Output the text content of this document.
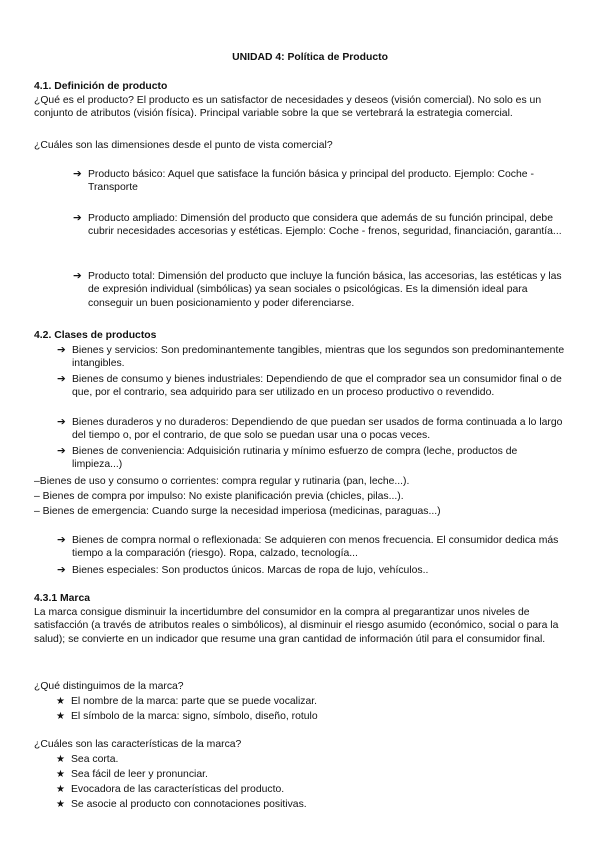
UNIDAD 4: Política de Producto
4.1. Definición de producto
¿Qué es el producto? El producto es un satisfactor de necesidades y deseos (visión comercial). No solo es un conjunto de atributos (visión física). Principal variable sobre la que se vertebrará la estrategia comercial.
¿Cuáles son las dimensiones desde el punto de vista comercial?
➔ Producto básico: Aquel que satisface la función básica y principal del producto. Ejemplo: Coche - Transporte
➔ Producto ampliado: Dimensión del producto que considera que además de su función principal, debe cubrir necesidades accesorias y estéticas. Ejemplo: Coche - frenos, seguridad, financiación, garantía...
➔ Producto total: Dimensión del producto que incluye la función básica, las accesorias, las estéticas y las de expresión individual (simbólicas) ya sean sociales o psicológicas. Es la dimensión ideal para conseguir un buen posicionamiento y poder diferenciarse.
4.2. Clases de productos
➔ Bienes y servicios: Son predominantemente tangibles, mientras que los segundos son predominantemente intangibles.
➔ Bienes de consumo y bienes industriales: Dependiendo de que el comprador sea un consumidor final o de que, por el contrario, sea adquirido para ser utilizado en un proceso productivo o revendido.
➔ Bienes duraderos y no duraderos: Dependiendo de que puedan ser usados de forma continuada a lo largo del tiempo o, por el contrario, de que solo se puedan usar una o pocas veces.
➔ Bienes de conveniencia: Adquisición rutinaria y mínimo esfuerzo de compra (leche, productos de limpieza...)
–Bienes de uso y consumo o corrientes: compra regular y rutinaria (pan, leche...).
– Bienes de compra por impulso: No existe planificación previa (chicles, pilas...).
– Bienes de emergencia: Cuando surge la necesidad imperiosa (medicinas, paraguas...)
➔ Bienes de compra normal o reflexionada: Se adquieren con menos frecuencia. El consumidor dedica más tiempo a la comparación (riesgo). Ropa, calzado, tecnología...
➔ Bienes especiales: Son productos únicos. Marcas de ropa de lujo, vehículos..
4.3.1 Marca
La marca consigue disminuir la incertidumbre del consumidor en la compra al pregarantizar unos niveles de satisfacción (a través de atributos reales o simbólicos), al disminuir el riesgo asumido (económico, social o para la salud); se convierte en un indicador que resume una gran cantidad de información útil para el consumidor final.
¿Qué distinguimos de la marca?
★ El nombre de la marca: parte que se puede vocalizar.
★ El símbolo de la marca: signo, símbolo, diseño, rotulo
¿Cuáles son las características de la marca?
★ Sea corta.
★ Sea fácil de leer y pronunciar.
★ Evocadora de las características del producto.
★ Se asocie al producto con connotaciones positivas.
